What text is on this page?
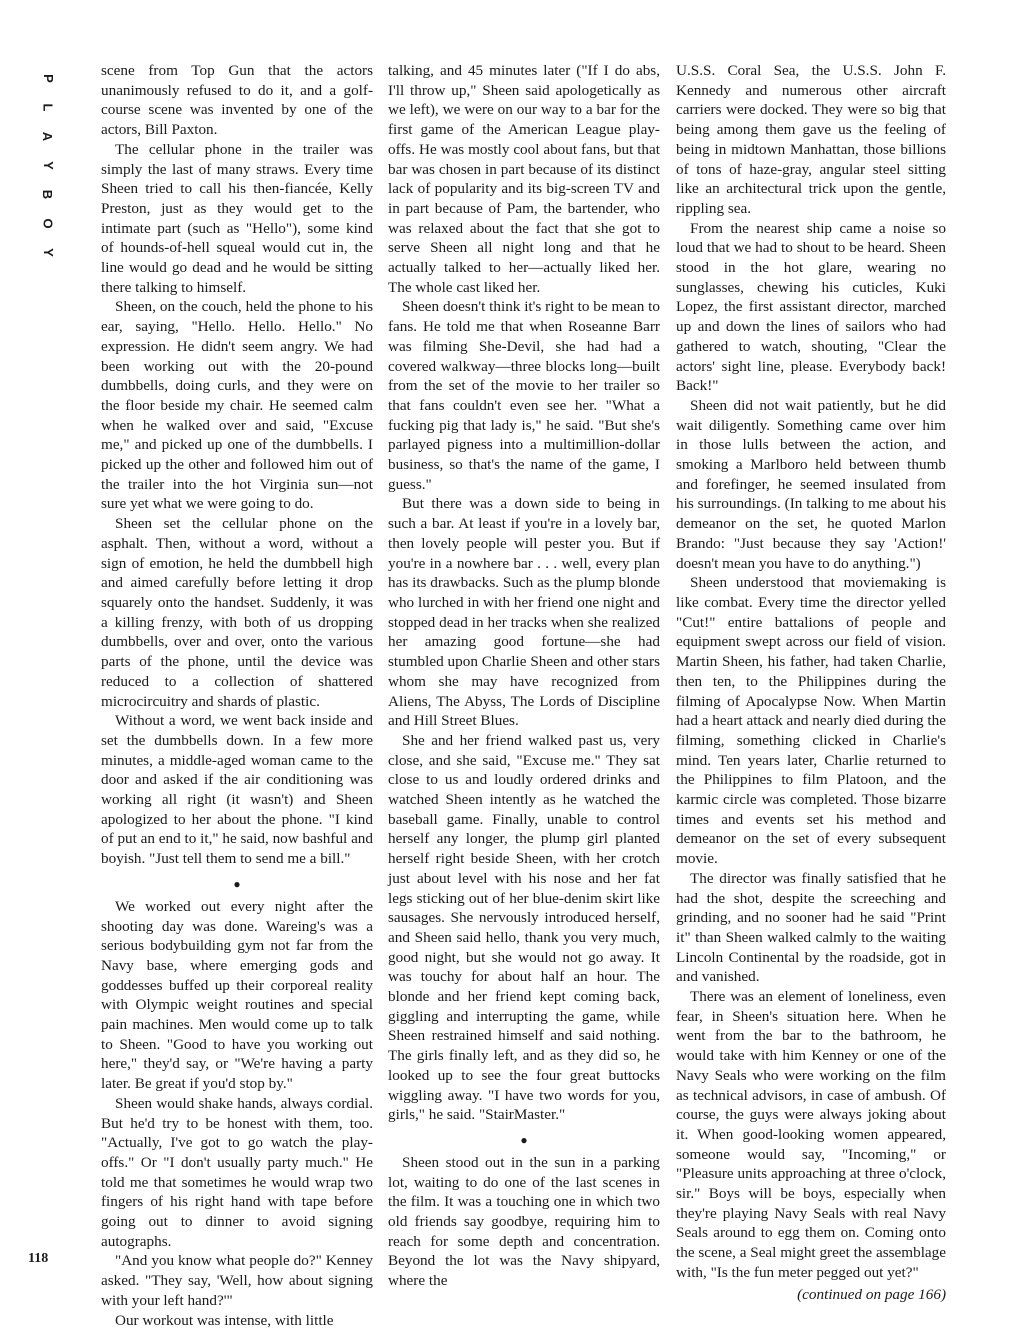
P
L
A
Y
B
O
Y

scene from Top Gun that the actors unanimously refused to do it, and a golf-course scene was invented by one of the actors, Bill Paxton.

The cellular phone in the trailer was simply the last of many straws. Every time Sheen tried to call his then-fiancée, Kelly Preston, just as they would get to the intimate part (such as "Hello"), some kind of hounds-of-hell squeal would cut in, the line would go dead and he would be sitting there talking to himself.

Sheen, on the couch, held the phone to his ear, saying, "Hello. Hello. Hello." No expression. He didn't seem angry. We had been working out with the 20-pound dumbbells, doing curls, and they were on the floor beside my chair. He seemed calm when he walked over and said, "Excuse me," and picked up one of the dumbbells. I picked up the other and followed him out of the trailer into the hot Virginia sun—not sure yet what we were going to do.

Sheen set the cellular phone on the asphalt. Then, without a word, without a sign of emotion, he held the dumbbell high and aimed carefully before letting it drop squarely onto the handset. Suddenly, it was a killing frenzy, with both of us dropping dumbbells, over and over, onto the various parts of the phone, until the device was reduced to a collection of shattered microcircuitry and shards of plastic.

Without a word, we went back inside and set the dumbbells down. In a few more minutes, a middle-aged woman came to the door and asked if the air conditioning was working all right (it wasn't) and Sheen apologized to her about the phone. "I kind of put an end to it," he said, now bashful and boyish. "Just tell them to send me a bill."

●

We worked out every night after the shooting day was done. Wareing's was a serious bodybuilding gym not far from the Navy base, where emerging gods and goddesses buffed up their corporeal reality with Olympic weight routines and special pain machines. Men would come up to talk to Sheen. "Good to have you working out here," they'd say, or "We're having a party later. Be great if you'd stop by."

Sheen would shake hands, always cordial. But he'd try to be honest with them, too. "Actually, I've got to go watch the play-offs." Or "I don't usually party much." He told me that sometimes he would wrap two fingers of his right hand with tape before going out to dinner to avoid signing autographs.

"And you know what people do?" Kenney asked. "They say, 'Well, how about signing with your left hand?'"

Our workout was intense, with little

talking, and 45 minutes later ("If I do abs, I'll throw up," Sheen said apologetically as we left), we were on our way to a bar for the first game of the American League play-offs. He was mostly cool about fans, but that bar was chosen in part because of its distinct lack of popularity and its big-screen TV and in part because of Pam, the bartender, who was relaxed about the fact that she got to serve Sheen all night long and that he actually talked to her—actually liked her. The whole cast liked her.

Sheen doesn't think it's right to be mean to fans. He told me that when Roseanne Barr was filming She-Devil, she had had a covered walkway—three blocks long—built from the set of the movie to her trailer so that fans couldn't even see her. "What a fucking pig that lady is," he said. "But she's parlayed pigness into a multimillion-dollar business, so that's the name of the game, I guess."

But there was a down side to being in such a bar. At least if you're in a lovely bar, then lovely people will pester you. But if you're in a nowhere bar . . . well, every plan has its drawbacks. Such as the plump blonde who lurched in with her friend one night and stopped dead in her tracks when she realized her amazing good fortune—she had stumbled upon Charlie Sheen and other stars whom she may have recognized from Aliens, The Abyss, The Lords of Discipline and Hill Street Blues.

She and her friend walked past us, very close, and she said, "Excuse me." They sat close to us and loudly ordered drinks and watched Sheen intently as he watched the baseball game. Finally, unable to control herself any longer, the plump girl planted herself right beside Sheen, with her crotch just about level with his nose and her fat legs sticking out of her blue-denim skirt like sausages. She nervously introduced herself, and Sheen said hello, thank you very much, good night, but she would not go away. It was touchy for about half an hour. The blonde and her friend kept coming back, giggling and interrupting the game, while Sheen restrained himself and said nothing. The girls finally left, and as they did so, he looked up to see the four great buttocks wiggling away. "I have two words for you, girls," he said. "StairMaster."

●

Sheen stood out in the sun in a parking lot, waiting to do one of the last scenes in the film. It was a touching one in which two old friends say goodbye, requiring him to reach for some depth and concentration. Beyond the lot was the Navy shipyard, where the

U.S.S. Coral Sea, the U.S.S. John F. Kennedy and numerous other aircraft carriers were docked. They were so big that being among them gave us the feeling of being in midtown Manhattan, those billions of tons of haze-gray, angular steel sitting like an architectural trick upon the gentle, rippling sea.

From the nearest ship came a noise so loud that we had to shout to be heard. Sheen stood in the hot glare, wearing no sunglasses, chewing his cuticles, Kuki Lopez, the first assistant director, marched up and down the lines of sailors who had gathered to watch, shouting, "Clear the actors' sight line, please. Everybody back! Back!"

Sheen did not wait patiently, but he did wait diligently. Something came over him in those lulls between the action, and smoking a Marlboro held between thumb and forefinger, he seemed insulated from his surroundings. (In talking to me about his demeanor on the set, he quoted Marlon Brando: "Just because they say 'Action!' doesn't mean you have to do anything.")

Sheen understood that moviemaking is like combat. Every time the director yelled "Cut!" entire battalions of people and equipment swept across our field of vision. Martin Sheen, his father, had taken Charlie, then ten, to the Philippines during the filming of Apocalypse Now. When Martin had a heart attack and nearly died during the filming, something clicked in Charlie's mind. Ten years later, Charlie returned to the Philippines to film Platoon, and the karmic circle was completed. Those bizarre times and events set his method and demeanor on the set of every subsequent movie.

The director was finally satisfied that he had the shot, despite the screeching and grinding, and no sooner had he said "Print it" than Sheen walked calmly to the waiting Lincoln Continental by the roadside, got in and vanished.

There was an element of loneliness, even fear, in Sheen's situation here. When he went from the bar to the bathroom, he would take with him Kenney or one of the Navy Seals who were working on the film as technical advisors, in case of ambush. Of course, the guys were always joking about it. When good-looking women appeared, someone would say, "Incoming," or "Pleasure units approaching at three o'clock, sir." Boys will be boys, especially when they're playing Navy Seals with real Navy Seals around to egg them on. Coming onto the scene, a Seal might greet the assemblage with, "Is the fun meter pegged out yet?"

(continued on page 166)
118
